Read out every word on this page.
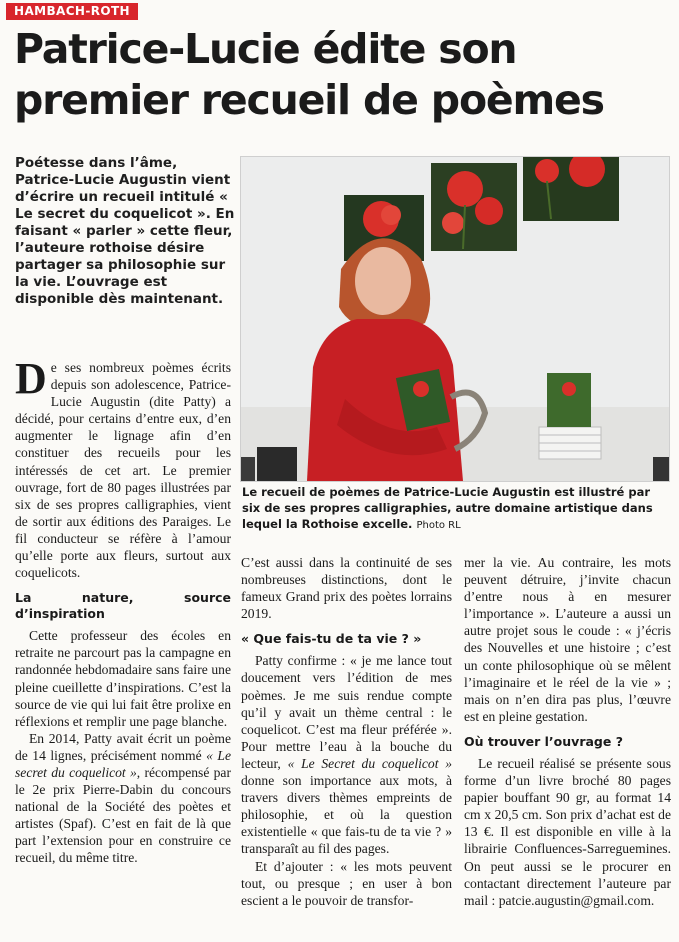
HAMBACH-ROTH
Patrice-Lucie édite son premier recueil de poèmes

Poétesse dans l’âme, Patrice-Lucie Augustin vient d’écrire un recueil intitulé « Le secret du coquelicot ». En faisant « parler » cette fleur, l’auteure rothoise désire partager sa philosophie sur la vie. L’ouvrage est disponible dès maintenant.

Le recueil de poèmes de Patrice-Lucie Augustin est illustré par six de ses propres calligraphies, autre domaine artistique dans lequel la Rothoise excelle. Photo RL

De ses nombreux poèmes écrits depuis son adolescence, Patrice-Lucie Augustin (dite Patty) a décidé, pour certains d’entre eux, d’en augmenter le lignage afin d’en constituer des recueils pour les intéressés de cet art. Le premier ouvrage, fort de 80 pages illustrées par six de ses propres calligraphies, vient de sortir aux éditions des Paraiges. Le fil conducteur se réfère à l’amour qu’elle porte aux fleurs, surtout aux coquelicots.

La nature, source d’inspiration

Cette professeur des écoles en retraite ne parcourt pas la campagne en randonnée hebdomadaire sans faire une pleine cueillette d’inspirations. C’est la source de vie qui lui fait être prolixe en réflexions et remplir une page blanche.

En 2014, Patty avait écrit un poème de 14 lignes, précisément nommé « Le secret du coquelicot », récompensé par le 2e prix Pierre-Dabin du concours national de la Société des poètes et artistes (Spaf). C’est en fait de là que part l’extension pour en construire ce recueil, du même titre.

C’est aussi dans la continuité de ses nombreuses distinctions, dont le fameux Grand prix des poètes lorrains 2019.

« Que fais-tu de ta vie ? »

Patty confirme : « je me lance tout doucement vers l’édition de mes poèmes. Je me suis rendue compte qu’il y avait un thème central : le coquelicot. C’est ma fleur préférée ». Pour mettre l’eau à la bouche du lecteur, « Le Secret du coquelicot » donne son importance aux mots, à travers divers thèmes empreints de philosophie, et où la question existentielle « que fais-tu de ta vie ? » transparaît au fil des pages.

Et d’ajouter : « les mots peuvent tout, ou presque ; en user à bon escient a le pouvoir de transfor-

mer la vie. Au contraire, les mots peuvent détruire, j’invite chacun d’entre nous à en mesurer l’importance ». L’auteure a aussi un autre projet sous le coude : « j’écris des Nouvelles et une histoire ; c’est un conte philosophique où se mêlent l’imaginaire et le réel de la vie » ; mais on n’en dira pas plus, l’œuvre est en pleine gestation.

Où trouver l’ouvrage ?

Le recueil réalisé se présente sous forme d’un livre broché 80 pages papier bouffant 90 gr, au format 14 cm x 20,5 cm. Son prix d’achat est de 13 €. Il est disponible en ville à la librairie Confluences-Sarreguemines. On peut aussi se le procurer en contactant directement l’auteure par mail : patcie.augustin@gmail.com.
